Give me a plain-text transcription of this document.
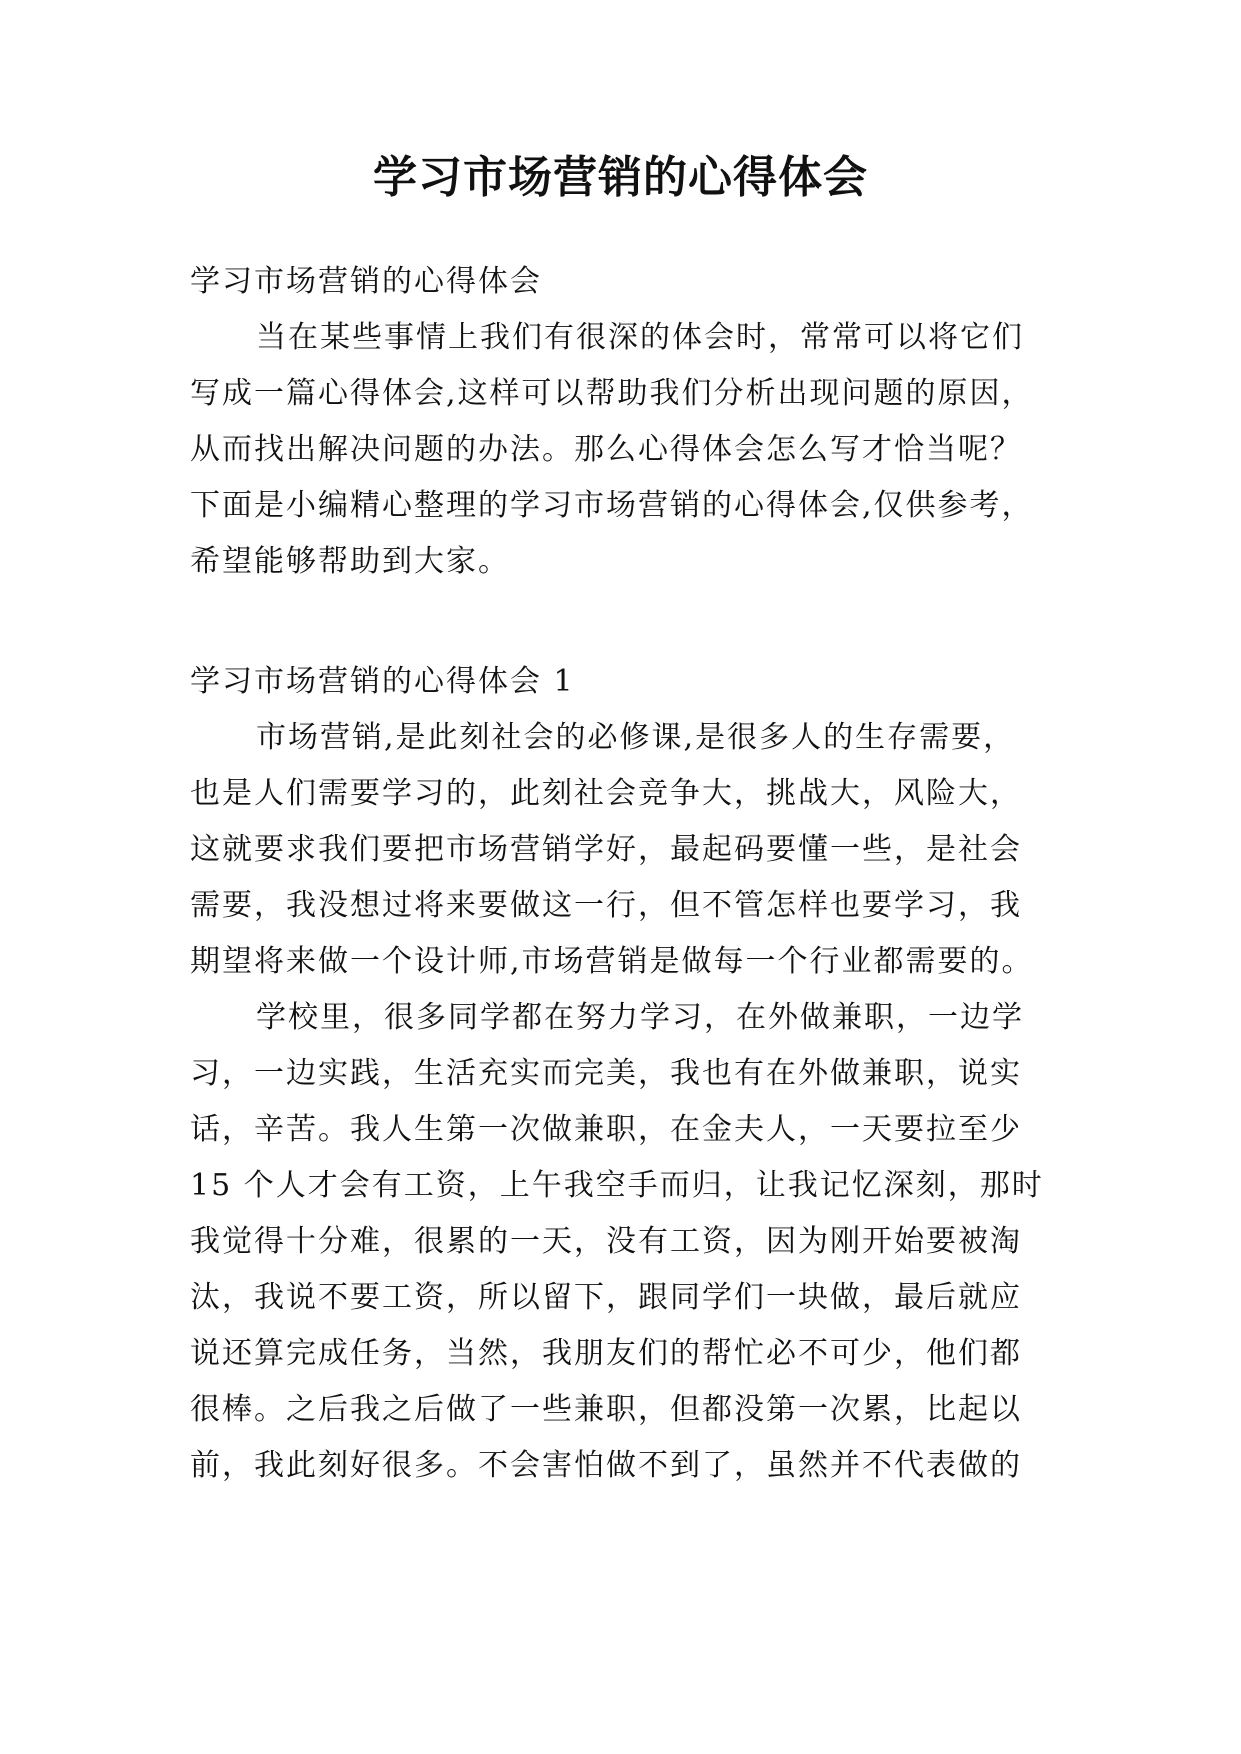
学习市场营销的心得体会
学习市场营销的心得体会
当在某些事情上我们有很深的体会时，常常可以将它们
写成一篇心得体会,这样可以帮助我们分析出现问题的原因，
从而找出解决问题的办法。那么心得体会怎么写才恰当呢？
下面是小编精心整理的学习市场营销的心得体会,仅供参考，
希望能够帮助到大家。
学习市场营销的心得体会 1
市场营销,是此刻社会的必修课,是很多人的生存需要，
也是人们需要学习的，此刻社会竞争大，挑战大，风险大，
这就要求我们要把市场营销学好，最起码要懂一些，是社会
需要，我没想过将来要做这一行，但不管怎样也要学习，我
期望将来做一个设计师,市场营销是做每一个行业都需要的。
学校里，很多同学都在努力学习，在外做兼职，一边学
习，一边实践，生活充实而完美，我也有在外做兼职，说实
话，辛苦。我人生第一次做兼职，在金夫人，一天要拉至少
15 个人才会有工资，上午我空手而归，让我记忆深刻，那时
我觉得十分难，很累的一天，没有工资，因为刚开始要被淘
汰，我说不要工资，所以留下，跟同学们一块做，最后就应
说还算完成任务，当然，我朋友们的帮忙必不可少，他们都
很棒。之后我之后做了一些兼职，但都没第一次累，比起以
前，我此刻好很多。不会害怕做不到了，虽然并不代表做的
